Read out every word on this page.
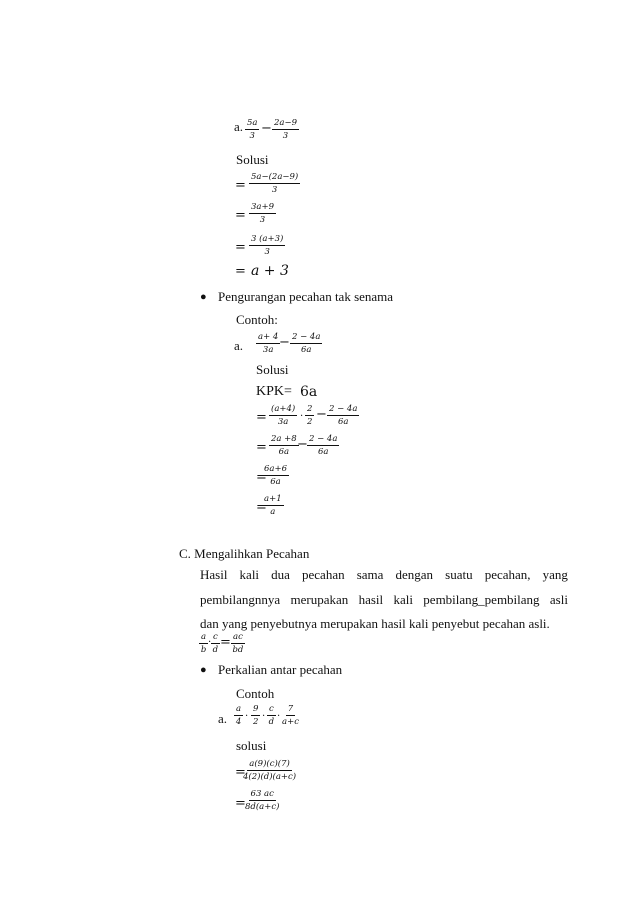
a. $\frac{5a}{3} - \frac{2a-9}{3}$
Solusi
= $\frac{5a-(2a-9)}{3}$
= $\frac{3a+9}{3}$
= $\frac{3 (a+3)}{3}$
= a + 3
● Pengurangan pecahan tak senama
Contoh:
a. $\frac{a+ 4}{3a}$
− $\frac{2 - 4a}{6a}$
Solusi
KPK= 6a
= $\frac{(a+4)}{3a}$ . $\frac{2}{2} - \frac{2 - 4a}{6a}$
= $\frac{2a +8}{6a}$
− $\frac{2 - 4a}{6a}$
=
$\frac{6a+6}{6a}$
=
$\frac{a+1}{a}$
C. Mengalihkan Pecahan
Hasil kali dua pecahan sama dengan suatu pecahan, yang
pembilangnnya merupakan hasil kali pembilang_pembilang asli
dan yang penyebutnya merupakan hasil kali penyebut pecahan asli.
$\frac{a}{b}$ . $\frac{c}{d} = \frac{ac}{bd}$
● Perkalian antar pecahan
Contoh
a. $\frac{a}{4}$ . $\frac{9}{2}$ . $\frac{c}{d}$ . $\frac{7}{a+c}$
solusi
=
$\frac{a(9)(c)(7)}{4(2)(d)(a+c)}$
= $\frac{63 ac}{8d(a+c)}$
